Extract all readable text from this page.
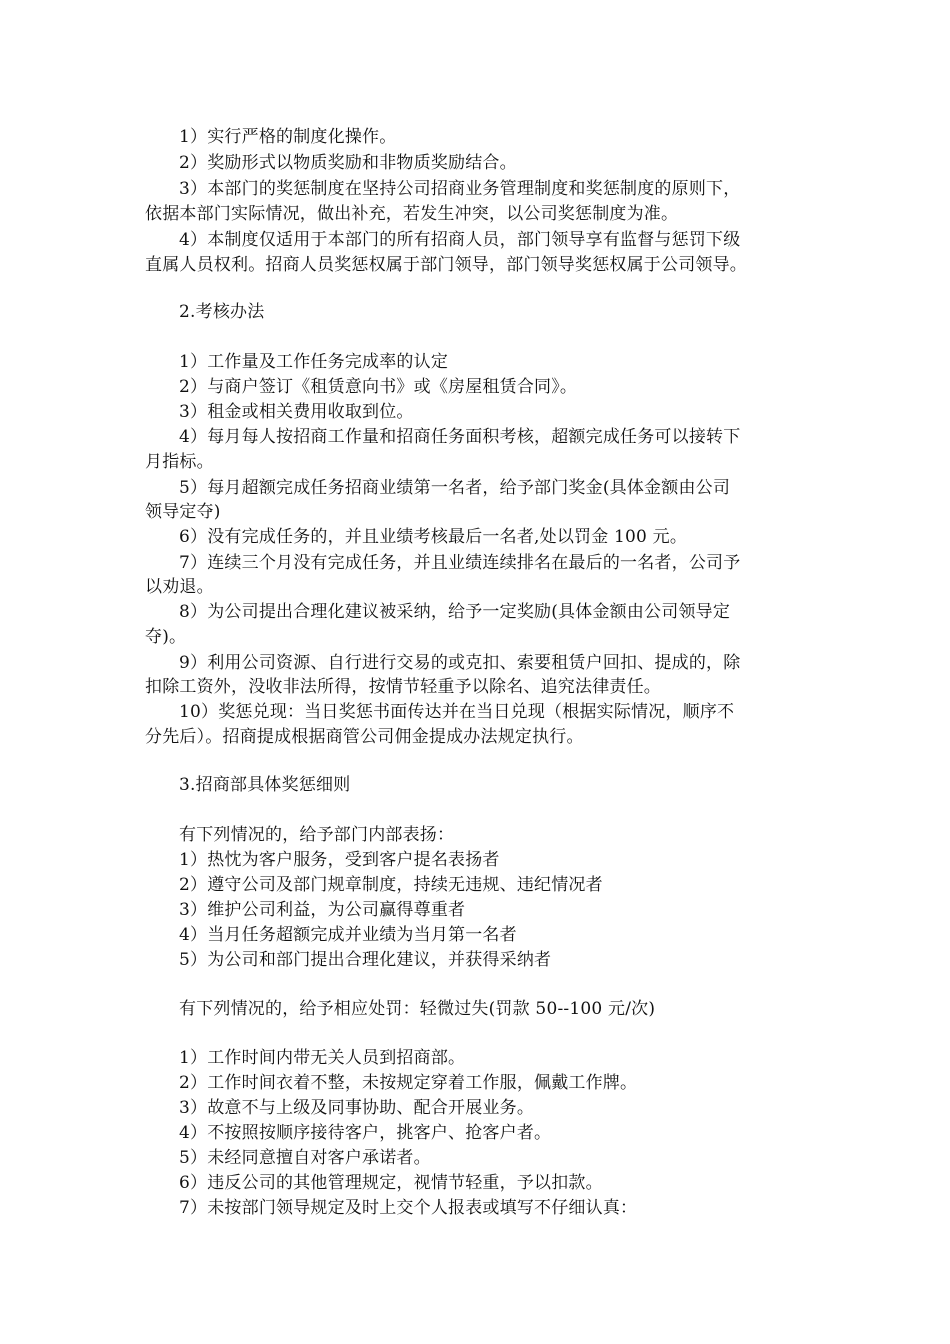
1）实行严格的制度化操作。
2）奖励形式以物质奖励和非物质奖励结合。
3）本部门的奖惩制度在坚持公司招商业务管理制度和奖惩制度的原则下，
依据本部门实际情况，做出补充，若发生冲突，以公司奖惩制度为准。
4）本制度仅适用于本部门的所有招商人员，部门领导享有监督与惩罚下级
直属人员权利。招商人员奖惩权属于部门领导，部门领导奖惩权属于公司领导。
2.考核办法
1）工作量及工作任务完成率的认定
2）与商户签订《租赁意向书》或《房屋租赁合同》。
3）租金或相关费用收取到位。
4）每月每人按招商工作量和招商任务面积考核，超额完成任务可以接转下
月指标。
5）每月超额完成任务招商业绩第一名者，给予部门奖金(具体金额由公司
领导定夺)
6）没有完成任务的，并且业绩考核最后一名者,处以罚金 100 元。
7）连续三个月没有完成任务，并且业绩连续排名在最后的一名者，公司予
以劝退。
8）为公司提出合理化建议被采纳，给予一定奖励(具体金额由公司领导定
夺)。
9）利用公司资源、自行进行交易的或克扣、索要租赁户回扣、提成的，除
扣除工资外，没收非法所得，按情节轻重予以除名、追究法律责任。
10）奖惩兑现：当日奖惩书面传达并在当日兑现（根据实际情况，顺序不
分先后）。招商提成根据商管公司佣金提成办法规定执行。
3.招商部具体奖惩细则
有下列情况的，给予部门内部表扬：
1）热忱为客户服务，受到客户提名表扬者
2）遵守公司及部门规章制度，持续无违规、违纪情况者
3）维护公司利益，为公司赢得尊重者
4）当月任务超额完成并业绩为当月第一名者
5）为公司和部门提出合理化建议，并获得采纳者
有下列情况的，给予相应处罚：轻微过失(罚款 50--100 元/次)
1）工作时间内带无关人员到招商部。
2）工作时间衣着不整，未按规定穿着工作服，佩戴工作牌。
3）故意不与上级及同事协助、配合开展业务。
4）不按照按顺序接待客户，挑客户、抢客户者。
5）未经同意擅自对客户承诺者。
6）违反公司的其他管理规定，视情节轻重，予以扣款。
7）未按部门领导规定及时上交个人报表或填写不仔细认真：
